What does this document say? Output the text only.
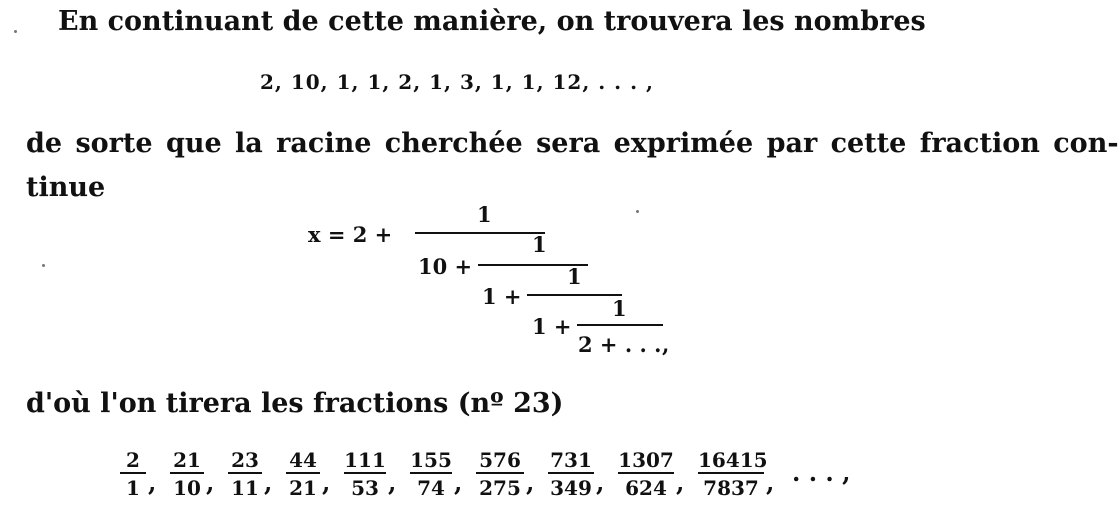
En continuant de cette manière, on trouvera les nombres
2, 10, 1, 1, 2, 1, 3, 1, 1, 12, . . . ,
de sorte que la racine cherchée sera exprimée par cette fraction con-
tinue
x = 2 +
1
10 +
1
1 +
1
1 +
1
2 + . . . ,
d'où l'on tirera les fractions (nº 23)
$\frac{2}{1}$ , $\frac{21}{10}$ , $\frac{23}{11}$ , $\frac{44}{21}$ , $\frac{111}{53}$ , $\frac{155}{74}$ , $\frac{576}{275}$ , $\frac{731}{349}$ , $\frac{1307}{624}$ , $\frac{16415}{7837}$ , . . . ,
